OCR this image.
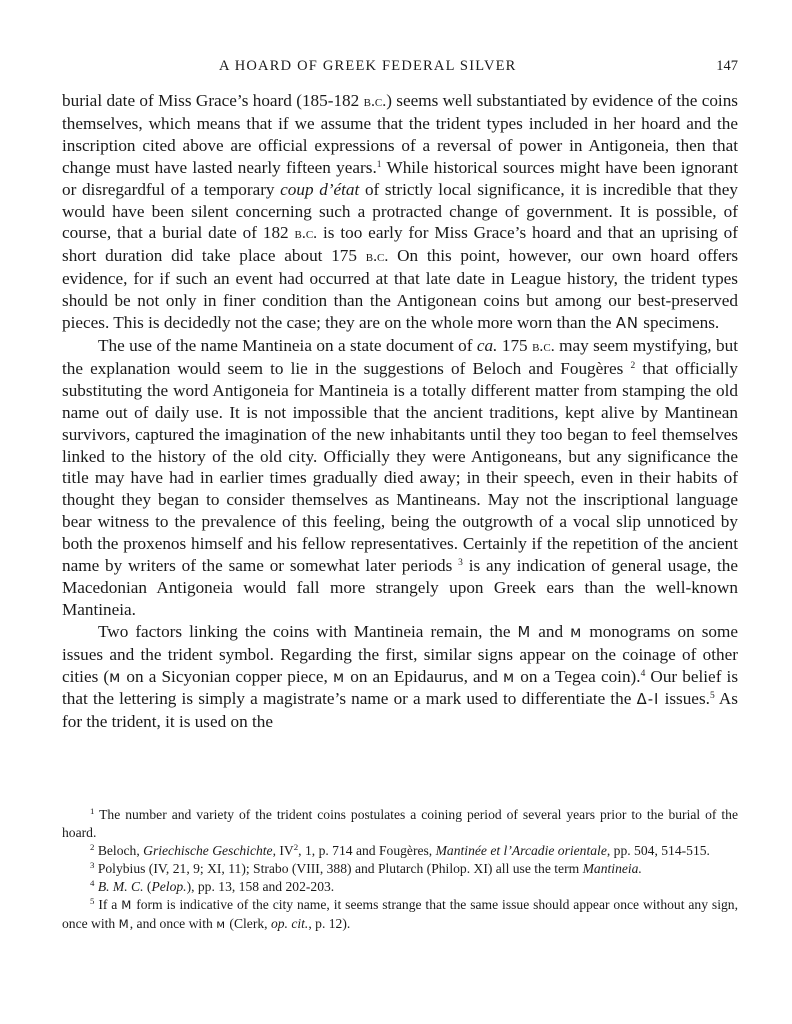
A HOARD OF GREEK FEDERAL SILVER	147

burial date of Miss Grace’s hoard (185-182 b.c.) seems well substantiated by evidence of the coins themselves, which means that if we assume that the trident types included in her hoard and the inscription cited above are official expressions of a reversal of power in Antigoneia, then that change must have lasted nearly fifteen years.$^1$ While historical sources might have been ignorant or disregardful of a temporary coup d’état of strictly local significance, it is incredible that they would have been silent concerning such a protracted change of government. It is possible, of course, that a burial date of 182 b.c. is too early for Miss Grace’s hoard and that an uprising of short duration did take place about 175 b.c. On this point, however, our own hoard offers evidence, for if such an event had occurred at that late date in League history, the trident types should be not only in finer condition than the Antigonean coins but among our best-preserved pieces. This is decidedly not the case; they are on the whole more worn than the AN specimens.

The use of the name Mantineia on a state document of ca. 175 b.c. may seem mystifying, but the explanation would seem to lie in the suggestions of Beloch and Fougères $^2$ that officially substituting the word Antigoneia for Mantineia is a totally different matter from stamping the old name out of daily use. It is not impossible that the ancient traditions, kept alive by Mantinean survivors, captured the imagination of the new inhabitants until they too began to feel themselves linked to the history of the old city. Officially they were Antigoneans, but any significance the title may have had in earlier times gradually died away; in their speech, even in their habits of thought they began to consider themselves as Mantineans. May not the inscriptional language bear witness to the prevalence of this feeling, being the outgrowth of a vocal slip unnoticed by both the proxenos himself and his fellow representatives. Certainly if the repetition of the ancient name by writers of the same or somewhat later periods $^3$ is any indication of general usage, the Macedonian Antigoneia would fall more strangely upon Greek ears than the well-known Mantineia.

Two factors linking the coins with Mantineia remain, the M and ᴍ monograms on some issues and the trident symbol. Regarding the first, similar signs appear on the coinage of other cities (ᴍ on a Sicyonian copper piece, ᴍ on an Epidaurus, and ᴍ on a Tegea coin).$^4$ Our belief is that the lettering is simply a magistrate’s name or a mark used to differentiate the Δ-Ι issues.$^5$ As for the trident, it is used on the

$^1$ The number and variety of the trident coins postulates a coining period of several years prior to the burial of the hoard.

$^2$ Beloch, Griechische Geschichte, IV$^2$, 1, p. 714 and Fougères, Mantinée et l’Arcadie orientale, pp. 504, 514-515.

$^3$ Polybius (IV, 21, 9; XI, 11); Strabo (VIII, 388) and Plutarch (Philop. XI) all use the term Mantineia.

$^4$ B. M. C. (Pelop.), pp. 13, 158 and 202-203.

$^5$ If a M form is indicative of the city name, it seems strange that the same issue should appear once without any sign, once with M, and once with ᴍ (Clerk, op. cit., p. 12).
